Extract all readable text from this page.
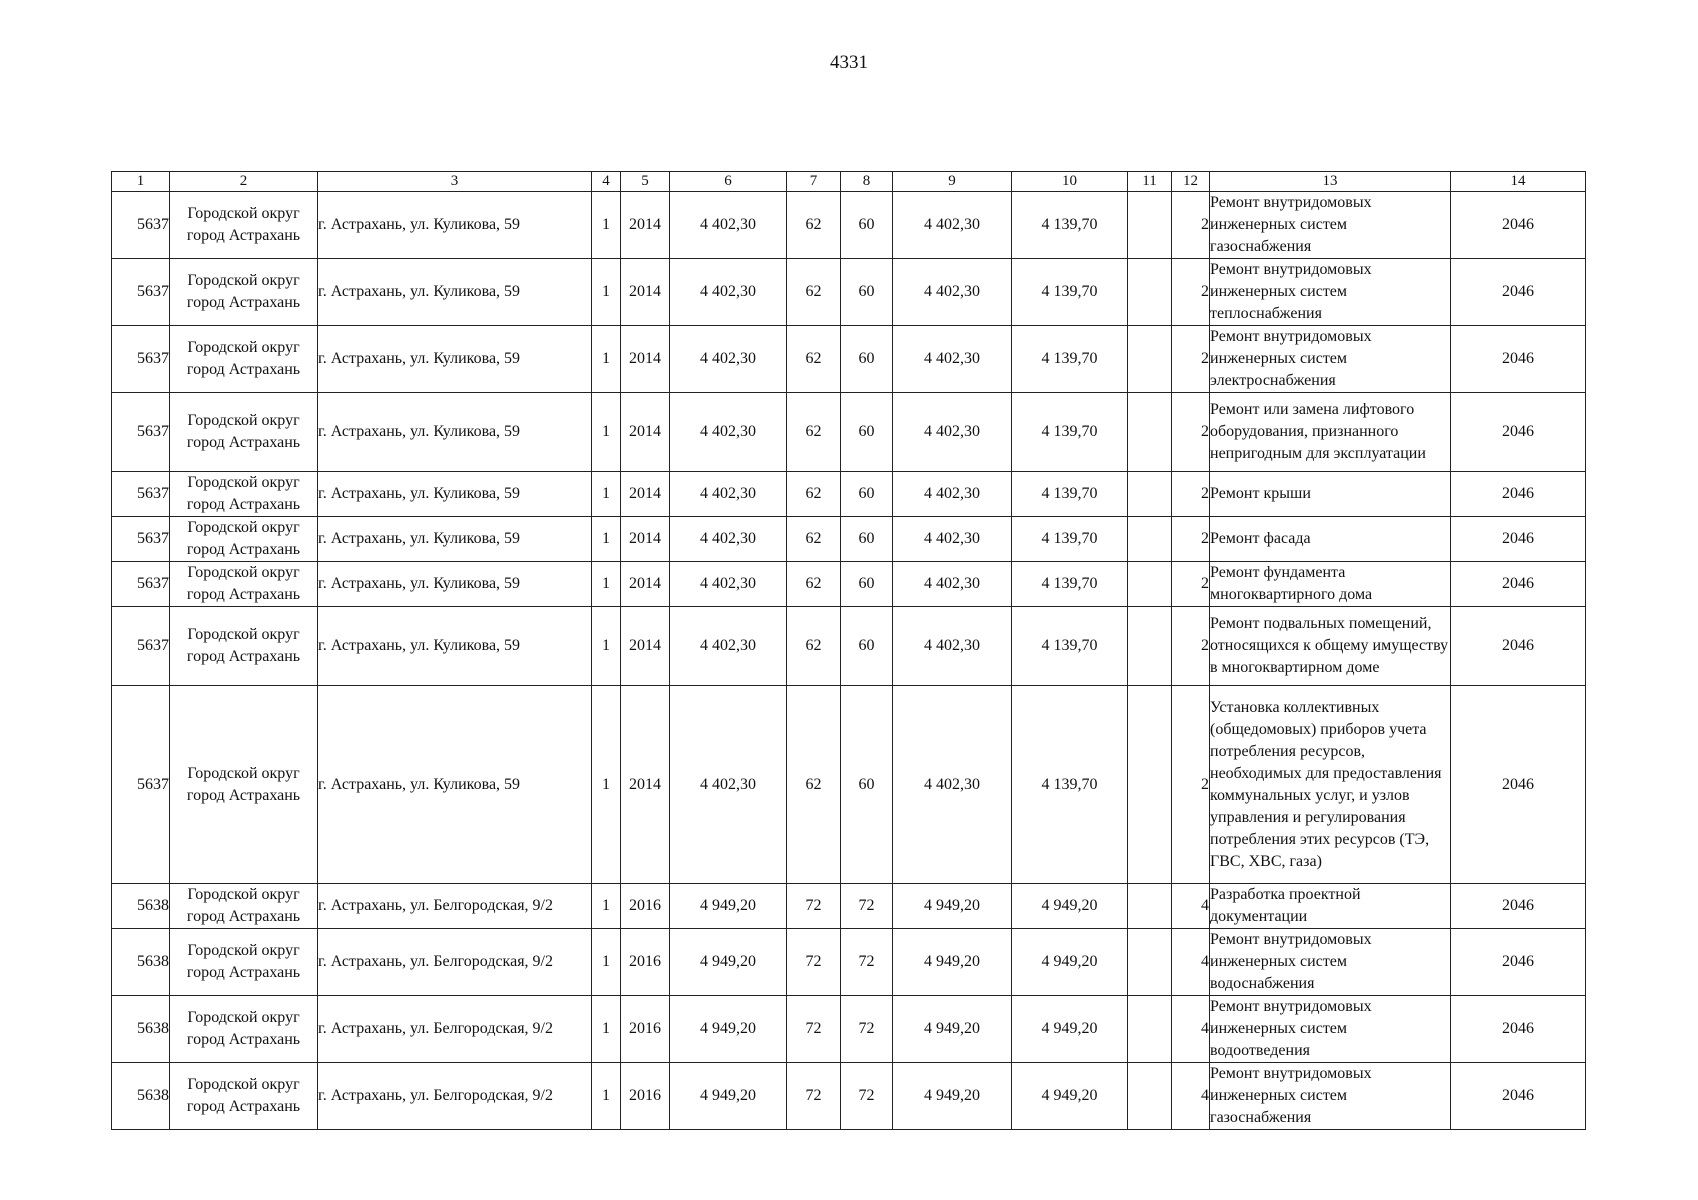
4331
1	2	3	4	5	6	7	8	9	10	11	12	13	14
5637	Городской округ город Астрахань	г. Астрахань, ул. Куликова, 59	1	2014	4 402,30	62	60	4 402,30	4 139,70		2	Ремонт внутридомовых инженерных систем газоснабжения	2046
5637	Городской округ город Астрахань	г. Астрахань, ул. Куликова, 59	1	2014	4 402,30	62	60	4 402,30	4 139,70		2	Ремонт внутридомовых инженерных систем теплоснабжения	2046
5637	Городской округ город Астрахань	г. Астрахань, ул. Куликова, 59	1	2014	4 402,30	62	60	4 402,30	4 139,70		2	Ремонт внутридомовых инженерных систем электроснабжения	2046
5637	Городской округ город Астрахань	г. Астрахань, ул. Куликова, 59	1	2014	4 402,30	62	60	4 402,30	4 139,70		2	Ремонт или замена лифтового оборудования, признанного непригодным для эксплуатации	2046
5637	Городской округ город Астрахань	г. Астрахань, ул. Куликова, 59	1	2014	4 402,30	62	60	4 402,30	4 139,70		2	Ремонт крыши	2046
5637	Городской округ город Астрахань	г. Астрахань, ул. Куликова, 59	1	2014	4 402,30	62	60	4 402,30	4 139,70		2	Ремонт фасада	2046
5637	Городской округ город Астрахань	г. Астрахань, ул. Куликова, 59	1	2014	4 402,30	62	60	4 402,30	4 139,70		2	Ремонт фундамента многоквартирного дома	2046
5637	Городской округ город Астрахань	г. Астрахань, ул. Куликова, 59	1	2014	4 402,30	62	60	4 402,30	4 139,70		2	Ремонт подвальных помещений, относящихся к общему имуществу в многоквартирном доме	2046
5637	Городской округ город Астрахань	г. Астрахань, ул. Куликова, 59	1	2014	4 402,30	62	60	4 402,30	4 139,70		2	Установка коллективных (общедомовых) приборов учета потребления ресурсов, необходимых для предоставления коммунальных услуг, и узлов управления и регулирования потребления этих ресурсов (ТЭ, ГВС, ХВС, газа)	2046
5638	Городской округ город Астрахань	г. Астрахань, ул. Белгородская, 9/2	1	2016	4 949,20	72	72	4 949,20	4 949,20		4	Разработка проектной документации	2046
5638	Городской округ город Астрахань	г. Астрахань, ул. Белгородская, 9/2	1	2016	4 949,20	72	72	4 949,20	4 949,20		4	Ремонт внутридомовых инженерных систем водоснабжения	2046
5638	Городской округ город Астрахань	г. Астрахань, ул. Белгородская, 9/2	1	2016	4 949,20	72	72	4 949,20	4 949,20		4	Ремонт внутридомовых инженерных систем водоотведения	2046
5638	Городской округ город Астрахань	г. Астрахань, ул. Белгородская, 9/2	1	2016	4 949,20	72	72	4 949,20	4 949,20		4	Ремонт внутридомовых инженерных систем газоснабжения	2046
